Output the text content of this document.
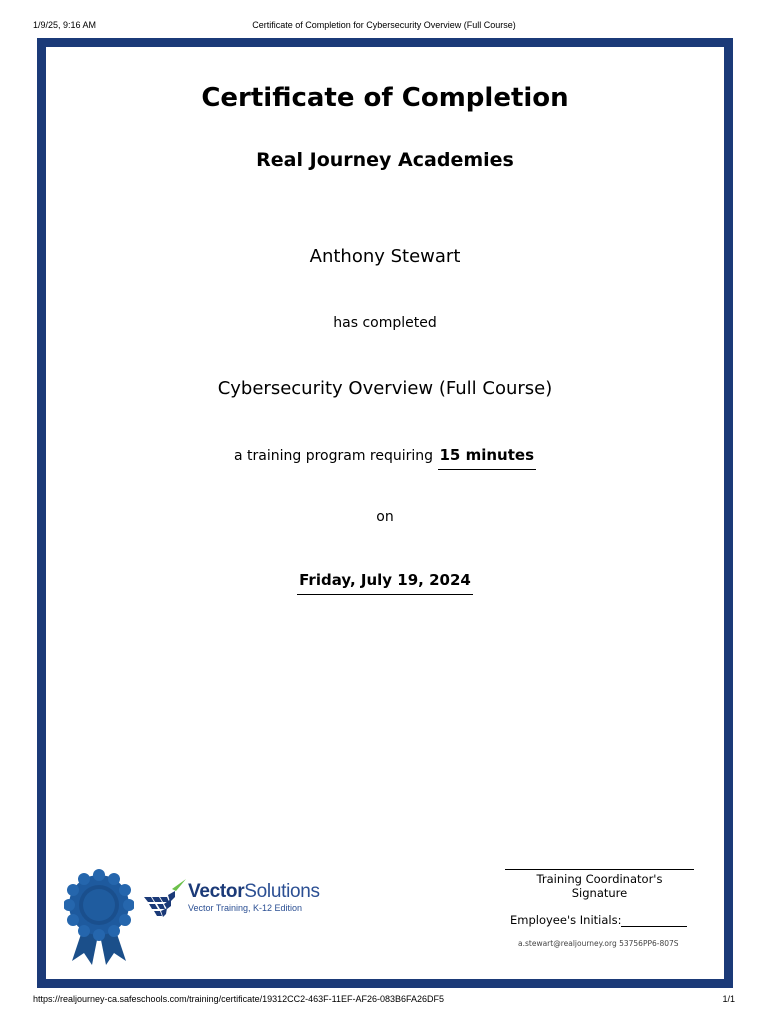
1/9/25, 9:16 AM	Certificate of Completion for Cybersecurity Overview (Full Course)
Certificate of Completion
Real Journey Academies
Anthony Stewart
has completed
Cybersecurity Overview (Full Course)
a training program requiring 15 minutes
on
Friday, July 19, 2024
VectorSolutions
Vector Training, K-12 Edition
Training Coordinator's
Signature
Employee's Initials:
a.stewart@realjourney.org 53756PP6-807S
https://realjourney-ca.safeschools.com/training/certificate/19312CC2-463F-11EF-AF26-083B6FA26DF5	1/1
